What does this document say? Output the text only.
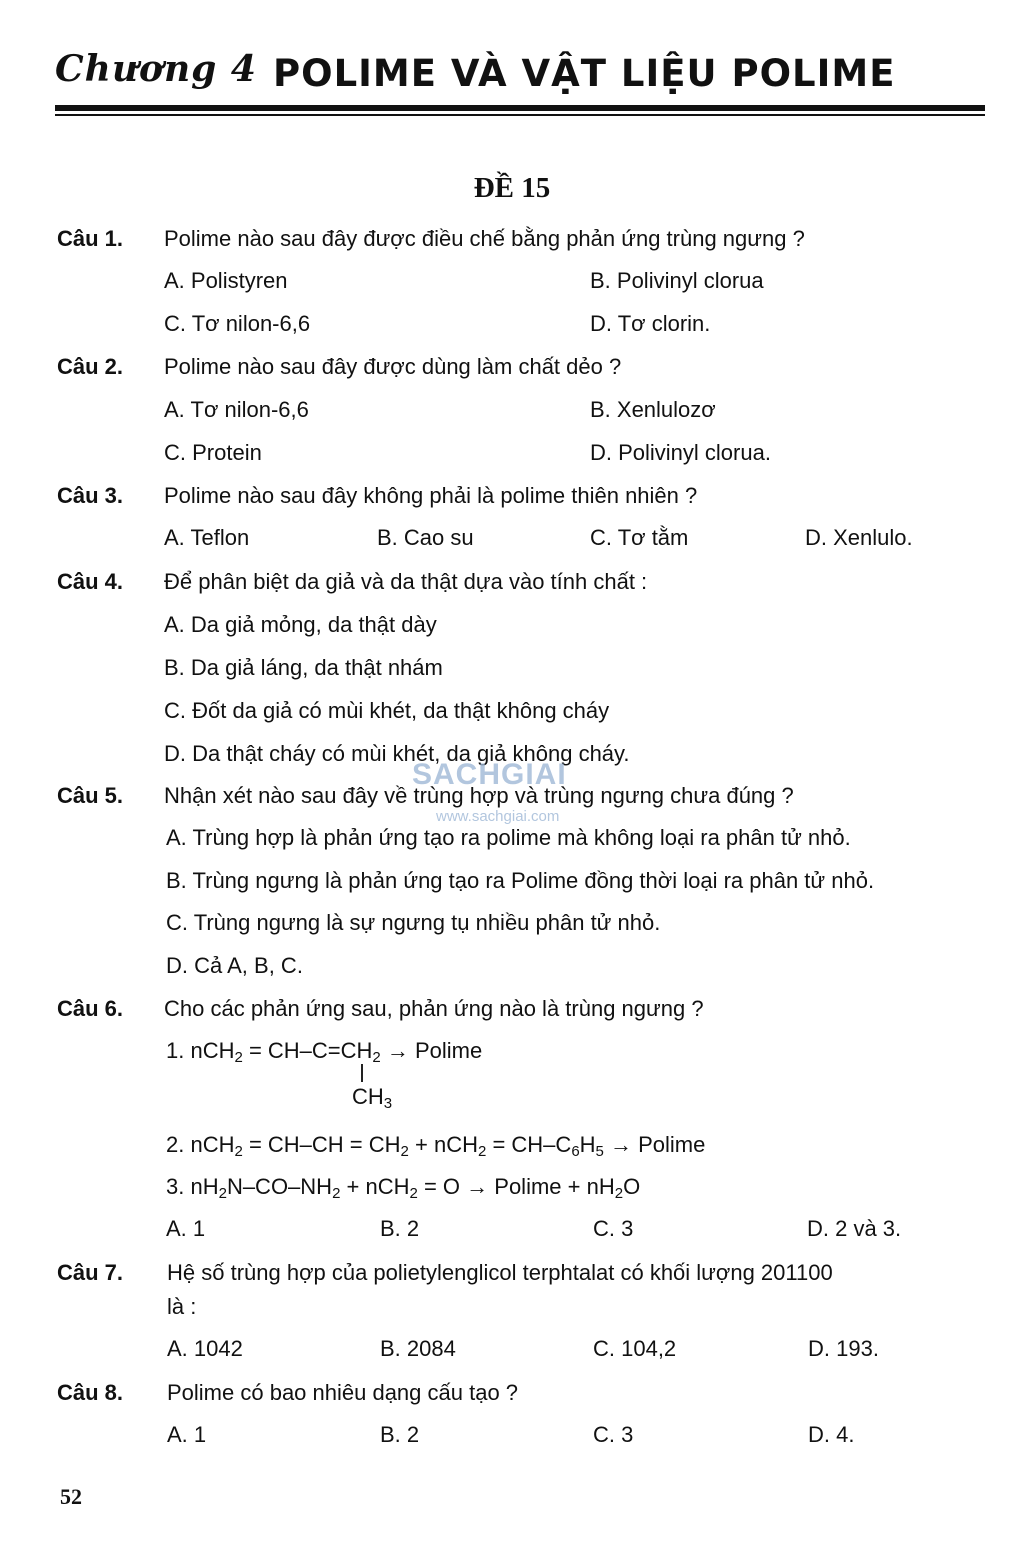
Chương 4 POLIME VÀ VẬT LIỆU POLIME
ĐỀ 15
Câu 1. Polime nào sau đây được điều chế bằng phản ứng trùng ngưng ?
A. Polistyren	B. Polivinyl clorua
C. Tơ nilon-6,6	D. Tơ clorin.
Câu 2. Polime nào sau đây được dùng làm chất dẻo ?
A. Tơ nilon-6,6	B. Xenlulozơ
C. Protein	D. Polivinyl clorua.
Câu 3. Polime nào sau đây không phải là polime thiên nhiên ?
A. Teflon	B. Cao su	C. Tơ tằm	D. Xenlulo.
Câu 4. Để phân biệt da giả và da thật dựa vào tính chất :
A. Da giả mỏng, da thật dày
B. Da giả láng, da thật nhám
C. Đốt da giả có mùi khét, da thật không cháy
D. Da thật cháy có mùi khét, da giả không cháy.
SACHGIAI
www.sachgiai.com
Câu 5. Nhận xét nào sau đây về trùng hợp và trùng ngưng chưa đúng ?
A. Trùng hợp là phản ứng tạo ra polime mà không loại ra phân tử nhỏ.
B. Trùng ngưng là phản ứng tạo ra Polime đồng thời loại ra phân tử nhỏ.
C. Trùng ngưng là sự ngưng tụ nhiều phân tử nhỏ.
D. Cả A, B, C.
Câu 6. Cho các phản ứng sau, phản ứng nào là trùng ngưng ?
1. $nCH_2 = CH-C=CH_2 \to Polime$
$CH_3$
2. $nCH_2 = CH-CH = CH_2 + nCH_2 = CH-C_6H_5 \to Polime$
3. $nH_2N-CO-NH_2 + nCH_2 = O \to Polime + nH_2O$
A. 1	B. 2	C. 3	D. 2 và 3.
Câu 7. Hệ số trùng hợp của polietylenglicol terphtalat có khối lượng 201100
là :
A. 1042	B. 2084	C. 104,2	D. 193.
Câu 8. Polime có bao nhiêu dạng cấu tạo ?
A. 1	B. 2	C. 3	D. 4.
52
